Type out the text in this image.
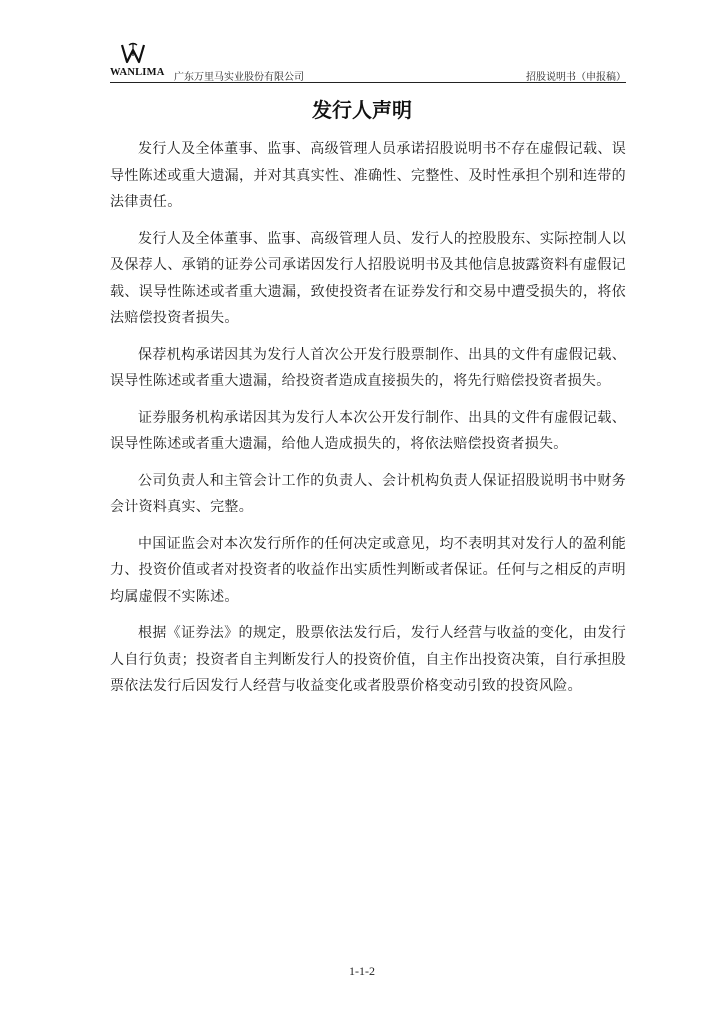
WANLIMA 广东万里马实业股份有限公司	招股说明书（申报稿）
发行人声明

发行人及全体董事、监事、高级管理人员承诺招股说明书不存在虚假记载、误导性陈述或重大遗漏，并对其真实性、准确性、完整性、及时性承担个别和连带的法律责任。

发行人及全体董事、监事、高级管理人员、发行人的控股股东、实际控制人以及保荐人、承销的证券公司承诺因发行人招股说明书及其他信息披露资料有虚假记载、误导性陈述或者重大遗漏，致使投资者在证券发行和交易中遭受损失的，将依法赔偿投资者损失。

保荐机构承诺因其为发行人首次公开发行股票制作、出具的文件有虚假记载、误导性陈述或者重大遗漏，给投资者造成直接损失的，将先行赔偿投资者损失。

证券服务机构承诺因其为发行人本次公开发行制作、出具的文件有虚假记载、误导性陈述或者重大遗漏，给他人造成损失的，将依法赔偿投资者损失。

公司负责人和主管会计工作的负责人、会计机构负责人保证招股说明书中财务会计资料真实、完整。

中国证监会对本次发行所作的任何决定或意见，均不表明其对发行人的盈利能力、投资价值或者对投资者的收益作出实质性判断或者保证。任何与之相反的声明均属虚假不实陈述。

根据《证券法》的规定，股票依法发行后，发行人经营与收益的变化，由发行人自行负责；投资者自主判断发行人的投资价值，自主作出投资决策，自行承担股票依法发行后因发行人经营与收益变化或者股票价格变动引致的投资风险。

1-1-2
